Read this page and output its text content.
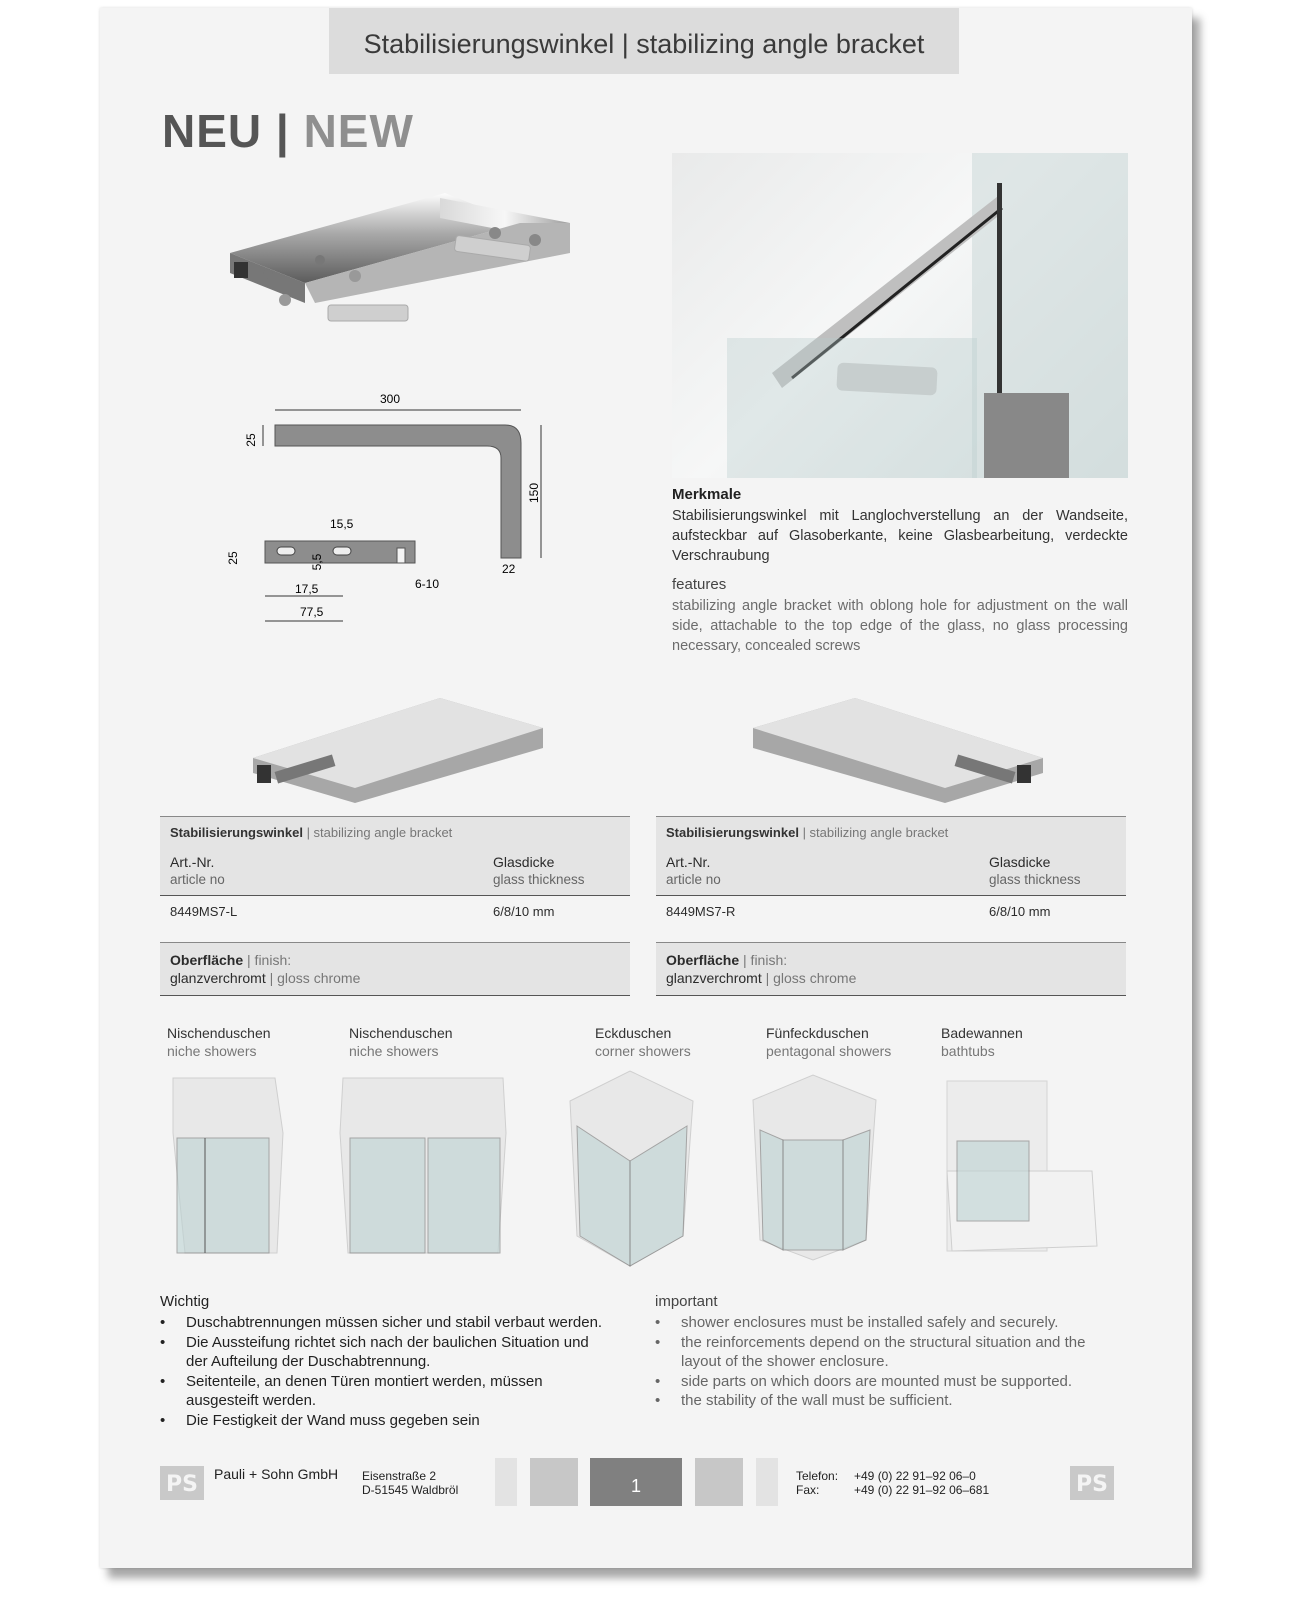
Stabilisierungswinkel | stabilizing angle bracket
NEU | NEW
300
25
150
22
15,5
25	5,5
17,5
77,5
6-10
Merkmale
Stabilisierungswinkel mit Langlochverstellung an der Wandseite, aufsteckbar auf Glasoberkante, keine Glasbearbeitung, verdeckte Verschraubung
features
stabilizing angle bracket with oblong hole for adjustment on the wall side, attachable to the top edge of the glass, no glass processing necessary, concealed screws
Stabilisierungswinkel | stabilizing angle bracket
Art.-Nr.
article no
Glasdicke
glass thickness
8449MS7-L	6/8/10 mm
Oberfläche | finish:
glanzverchromt | gloss chrome
Stabilisierungswinkel | stabilizing angle bracket
Art.-Nr.
article no
Glasdicke
glass thickness
8449MS7-R	6/8/10 mm
Oberfläche | finish:
glanzverchromt | gloss chrome
Nischenduschen
niche showers
Nischenduschen
niche showers
Eckduschen
corner showers
Fünfeckduschen
pentagonal showers
Badewannen
bathtubs
Wichtig
• Duschabtrennungen müssen sicher und stabil verbaut werden.
• Die Aussteifung richtet sich nach der baulichen Situation und der Aufteilung der Duschabtrennung.
• Seitenteile, an denen Türen montiert werden, müssen ausgesteift werden.
• Die Festigkeit der Wand muss gegeben sein
important
• shower enclosures must be installed safely and securely.
• the reinforcements depend on the structural situation and the layout of the shower enclosure.
• side parts on which doors are mounted must be supported.
• the stability of the wall must be sufficient.
PS Pauli + Sohn GmbH Eisenstraße 2
D-51545 Waldbröl	1	Telefon: +49 (0) 22 91–92 06–0
Fax:	+49 (0) 22 91–92 06–681	PS
